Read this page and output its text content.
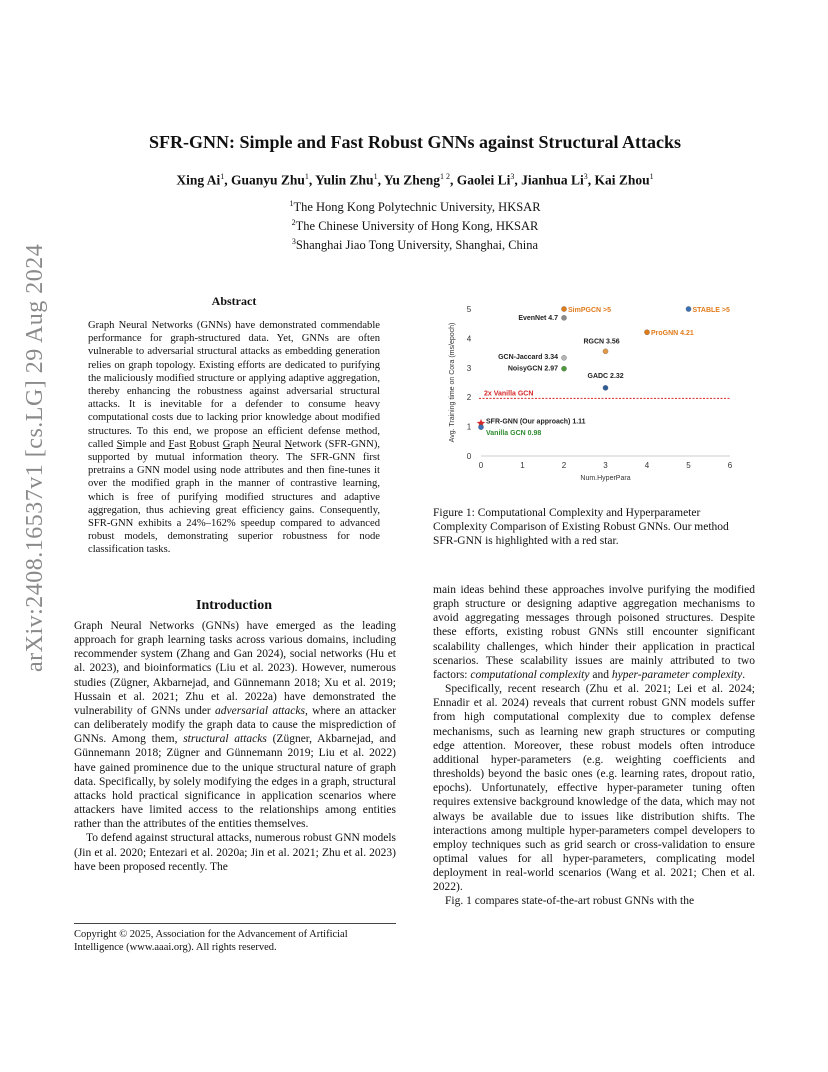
arXiv:2408.16537v1 [cs.LG] 29 Aug 2024
SFR-GNN: Simple and Fast Robust GNNs against Structural Attacks
Xing Ai$^1$, Guanyu Zhu$^1$, Yulin Zhu$^1$, Yu Zheng$^{1 2}$, Gaolei Li$^3$, Jianhua Li$^3$, Kai Zhou$^1$
$^1$The Hong Kong Polytechnic University, HKSAR
$^2$The Chinese University of Hong Kong, HKSAR
$^3$Shanghai Jiao Tong University, Shanghai, China
Abstract

Graph Neural Networks (GNNs) have demonstrated commendable performance for graph-structured data. Yet, GNNs are often vulnerable to adversarial structural attacks as embedding generation relies on graph topology. Existing efforts are dedicated to purifying the maliciously modified structure or applying adaptive aggregation, thereby enhancing the robustness against adversarial structural attacks. It is inevitable for a defender to consume heavy computational costs due to lacking prior knowledge about modified structures. To this end, we propose an efficient defense method, called Simple and Fast Robust Graph Neural Network (SFR-GNN), supported by mutual information theory. The SFR-GNN first pretrains a GNN model using node attributes and then fine-tunes it over the modified graph in the manner of contrastive learning, which is free of purifying modified structures and adaptive aggregation, thus achieving great efficiency gains. Consequently, SFR-GNN exhibits a 24%–162% speedup compared to advanced robust models, demonstrating superior robustness for node classification tasks.

Introduction

Graph Neural Networks (GNNs) have emerged as the leading approach for graph learning tasks across various domains, including recommender system (Zhang and Gan 2024), social networks (Hu et al. 2023), and bioinformatics (Liu et al. 2023). However, numerous studies (Zügner, Akbarnejad, and Günnemann 2018; Xu et al. 2019; Hussain et al. 2021; Zhu et al. 2022a) have demonstrated the vulnerability of GNNs under adversarial attacks, where an attacker can deliberately modify the graph data to cause the misprediction of GNNs. Among them, structural attacks (Zügner, Akbarnejad, and Günnemann 2018; Zügner and Günnemann 2019; Liu et al. 2022) have gained prominence due to the unique structural nature of graph data. Specifically, by solely modifying the edges in a graph, structural attacks hold practical significance in application scenarios where attackers have limited access to the relationships among entities rather than the attributes of the entities themselves.

To defend against structural attacks, numerous robust GNN models (Jin et al. 2020; Entezari et al. 2020a; Jin et al. 2021; Zhu et al. 2023) have been proposed recently. The

Copyright © 2025, Association for the Advancement of Artificial Intelligence (www.aaai.org). All rights reserved.
0	1	2	3	4	5	6
0
1
2
3
4
5
Num.HyperPara
Avg. Training time on Cora (ms/epoch)	2x Vanilla GCN
EvenNet 4.7
SimPGCN >5	STABLE >5
ProGNN 4.21
RGCN 3.56
GCN-Jaccard 3.34
NoisyGCN 2.97
GADC 2.32
SFR-GNN (Our approach) 1.11
Vanilla GCN 0.98
Figure 1: Computational Complexity and Hyperparameter Complexity Comparison of Existing Robust GNNs. Our method SFR-GNN is highlighted with a red star.

main ideas behind these approaches involve purifying the modified graph structure or designing adaptive aggregation mechanisms to avoid aggregating messages through poisoned structures. Despite these efforts, existing robust GNNs still encounter significant scalability challenges, which hinder their application in practical scenarios. These scalability issues are mainly attributed to two factors: computational complexity and hyper-parameter complexity.

Specifically, recent research (Zhu et al. 2021; Lei et al. 2024; Ennadir et al. 2024) reveals that current robust GNN models suffer from high computational complexity due to complex defense mechanisms, such as learning new graph structures or computing edge attention. Moreover, these robust models often introduce additional hyper-parameters (e.g. weighting coefficients and thresholds) beyond the basic ones (e.g. learning rates, dropout ratio, epochs). Unfortunately, effective hyper-parameter tuning often requires extensive background knowledge of the data, which may not always be available due to issues like distribution shifts. The interactions among multiple hyper-parameters compel developers to employ techniques such as grid search or cross-validation to ensure optimal values for all hyper-parameters, complicating model deployment in real-world scenarios (Wang et al. 2021; Chen et al. 2022).

Fig. 1 compares state-of-the-art robust GNNs with the
